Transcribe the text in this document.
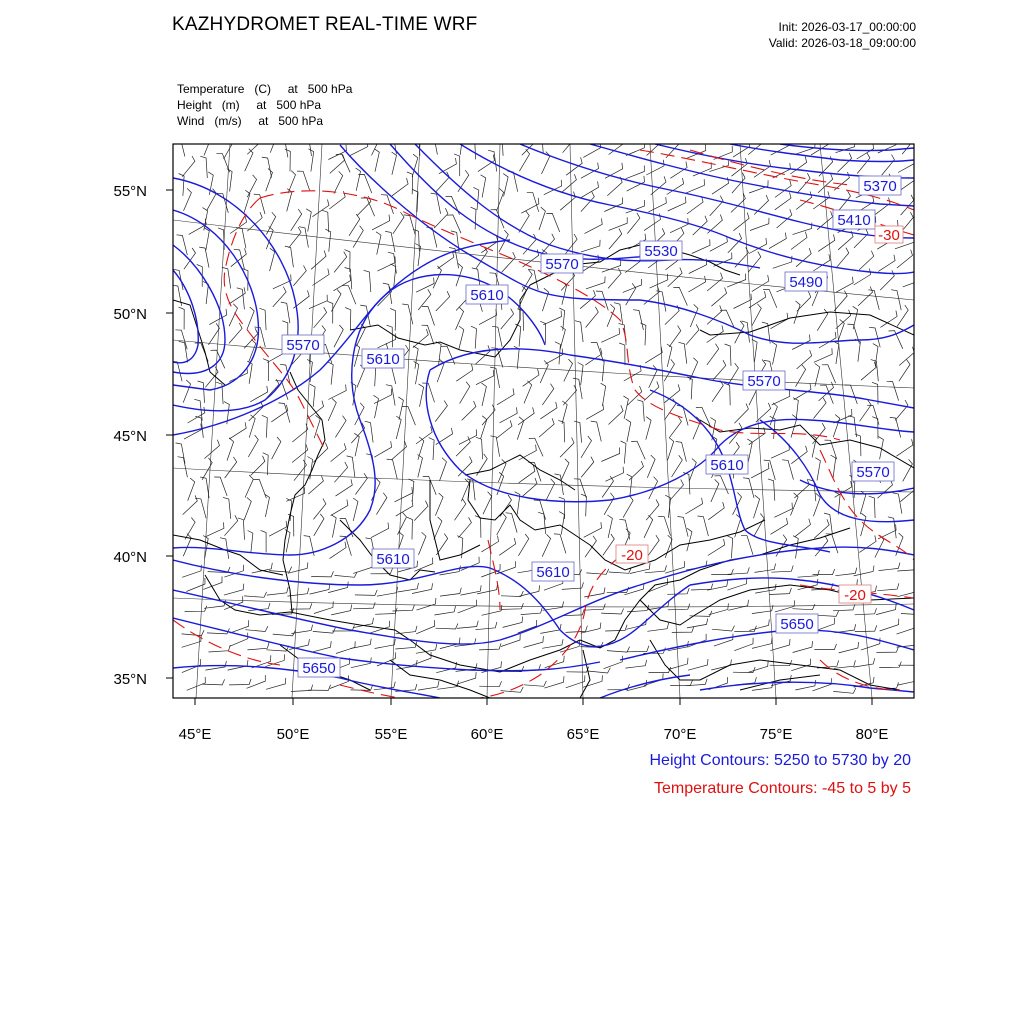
KAZHYDROMET REAL-TIME WRF	Init: 2026-03-17_00:00:00
Valid: 2026-03-18_09:00:00
Temperature   (C)     at   500 hPa
Height   (m)     at   500 hPa
Wind   (m/s)     at   500 hPa
55°N
50°N
45°N
40°N
35°N
45°E	50°E	55°E	60°E	65°E	70°E	75°E	80°E
5370
5410
5490
5530
5570
5610
5570
5610
5570
5610	5570
5610
5610
5650
5650
-30
-20
-20
Height Contours: 5250 to 5730 by 20
Temperature Contours: -45 to 5 by 5
